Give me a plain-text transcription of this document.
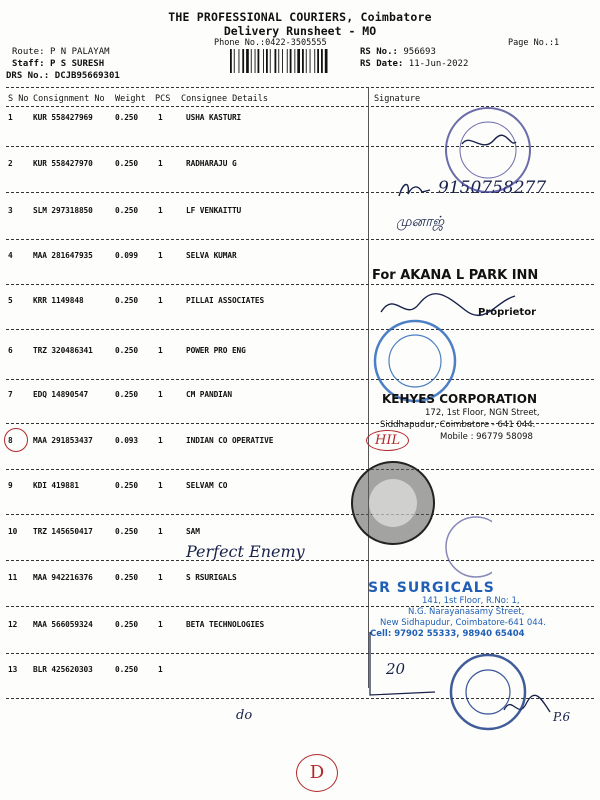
THE PROFESSIONAL COURIERS, Coimbatore
Delivery Runsheet - MO
Phone No.:0422-3505555	Page No.:1
Route: P N PALAYAM
Staff: P S SURESH
DRS No.: DCJB95669301
RS No.: 956693
RS Date: 11-Jun-2022
S No Consignment No Weight PCS Consignee Details	Signature
1	KUR 558427969	0.250	1	USHA KASTURI
2	KUR 558427970	0.250	1	RADHARAJU G
3	SLM 297318850	0.250	1	LF VENKAITTU
4	MAA 281647935	0.099	1	SELVA KUMAR
5	KRR 1149848	0.250	1	PILLAI ASSOCIATES
6	TRZ 320486341	0.250	1	POWER PRO ENG
7	EDQ 14890547	0.250	1	CM PANDIAN
8	MAA 291853437	0.093	1	INDIAN CO OPERATIVE
9	KDI 419881	0.250	1	SELVAM CO
10 TRZ 145650417	0.250	1	SAM
11 MAA 942216376	0.250	1	S RSURIGALS
12 MAA 566059324	0.250	1	BETA TECHNOLOGIES
13 BLR 425620303	0.250	1
9150758277
முனாஜ்
Perfect Enemy
do	P.6
20
D
HIL
For AKANA L PARK INN
Proprietor
KEHYES CORPORATION
172, 1st Floor, NGN Street,
Siddhapudur, Coimbatore - 641 044.
Mobile : 96779 58098
SR SURGICALS
141, 1st Floor, R.No: 1,
N.G. Narayanasamy Street,
New Sidhapudur, Coimbatore-641 044.
Cell: 97902 55333, 98940 65404
